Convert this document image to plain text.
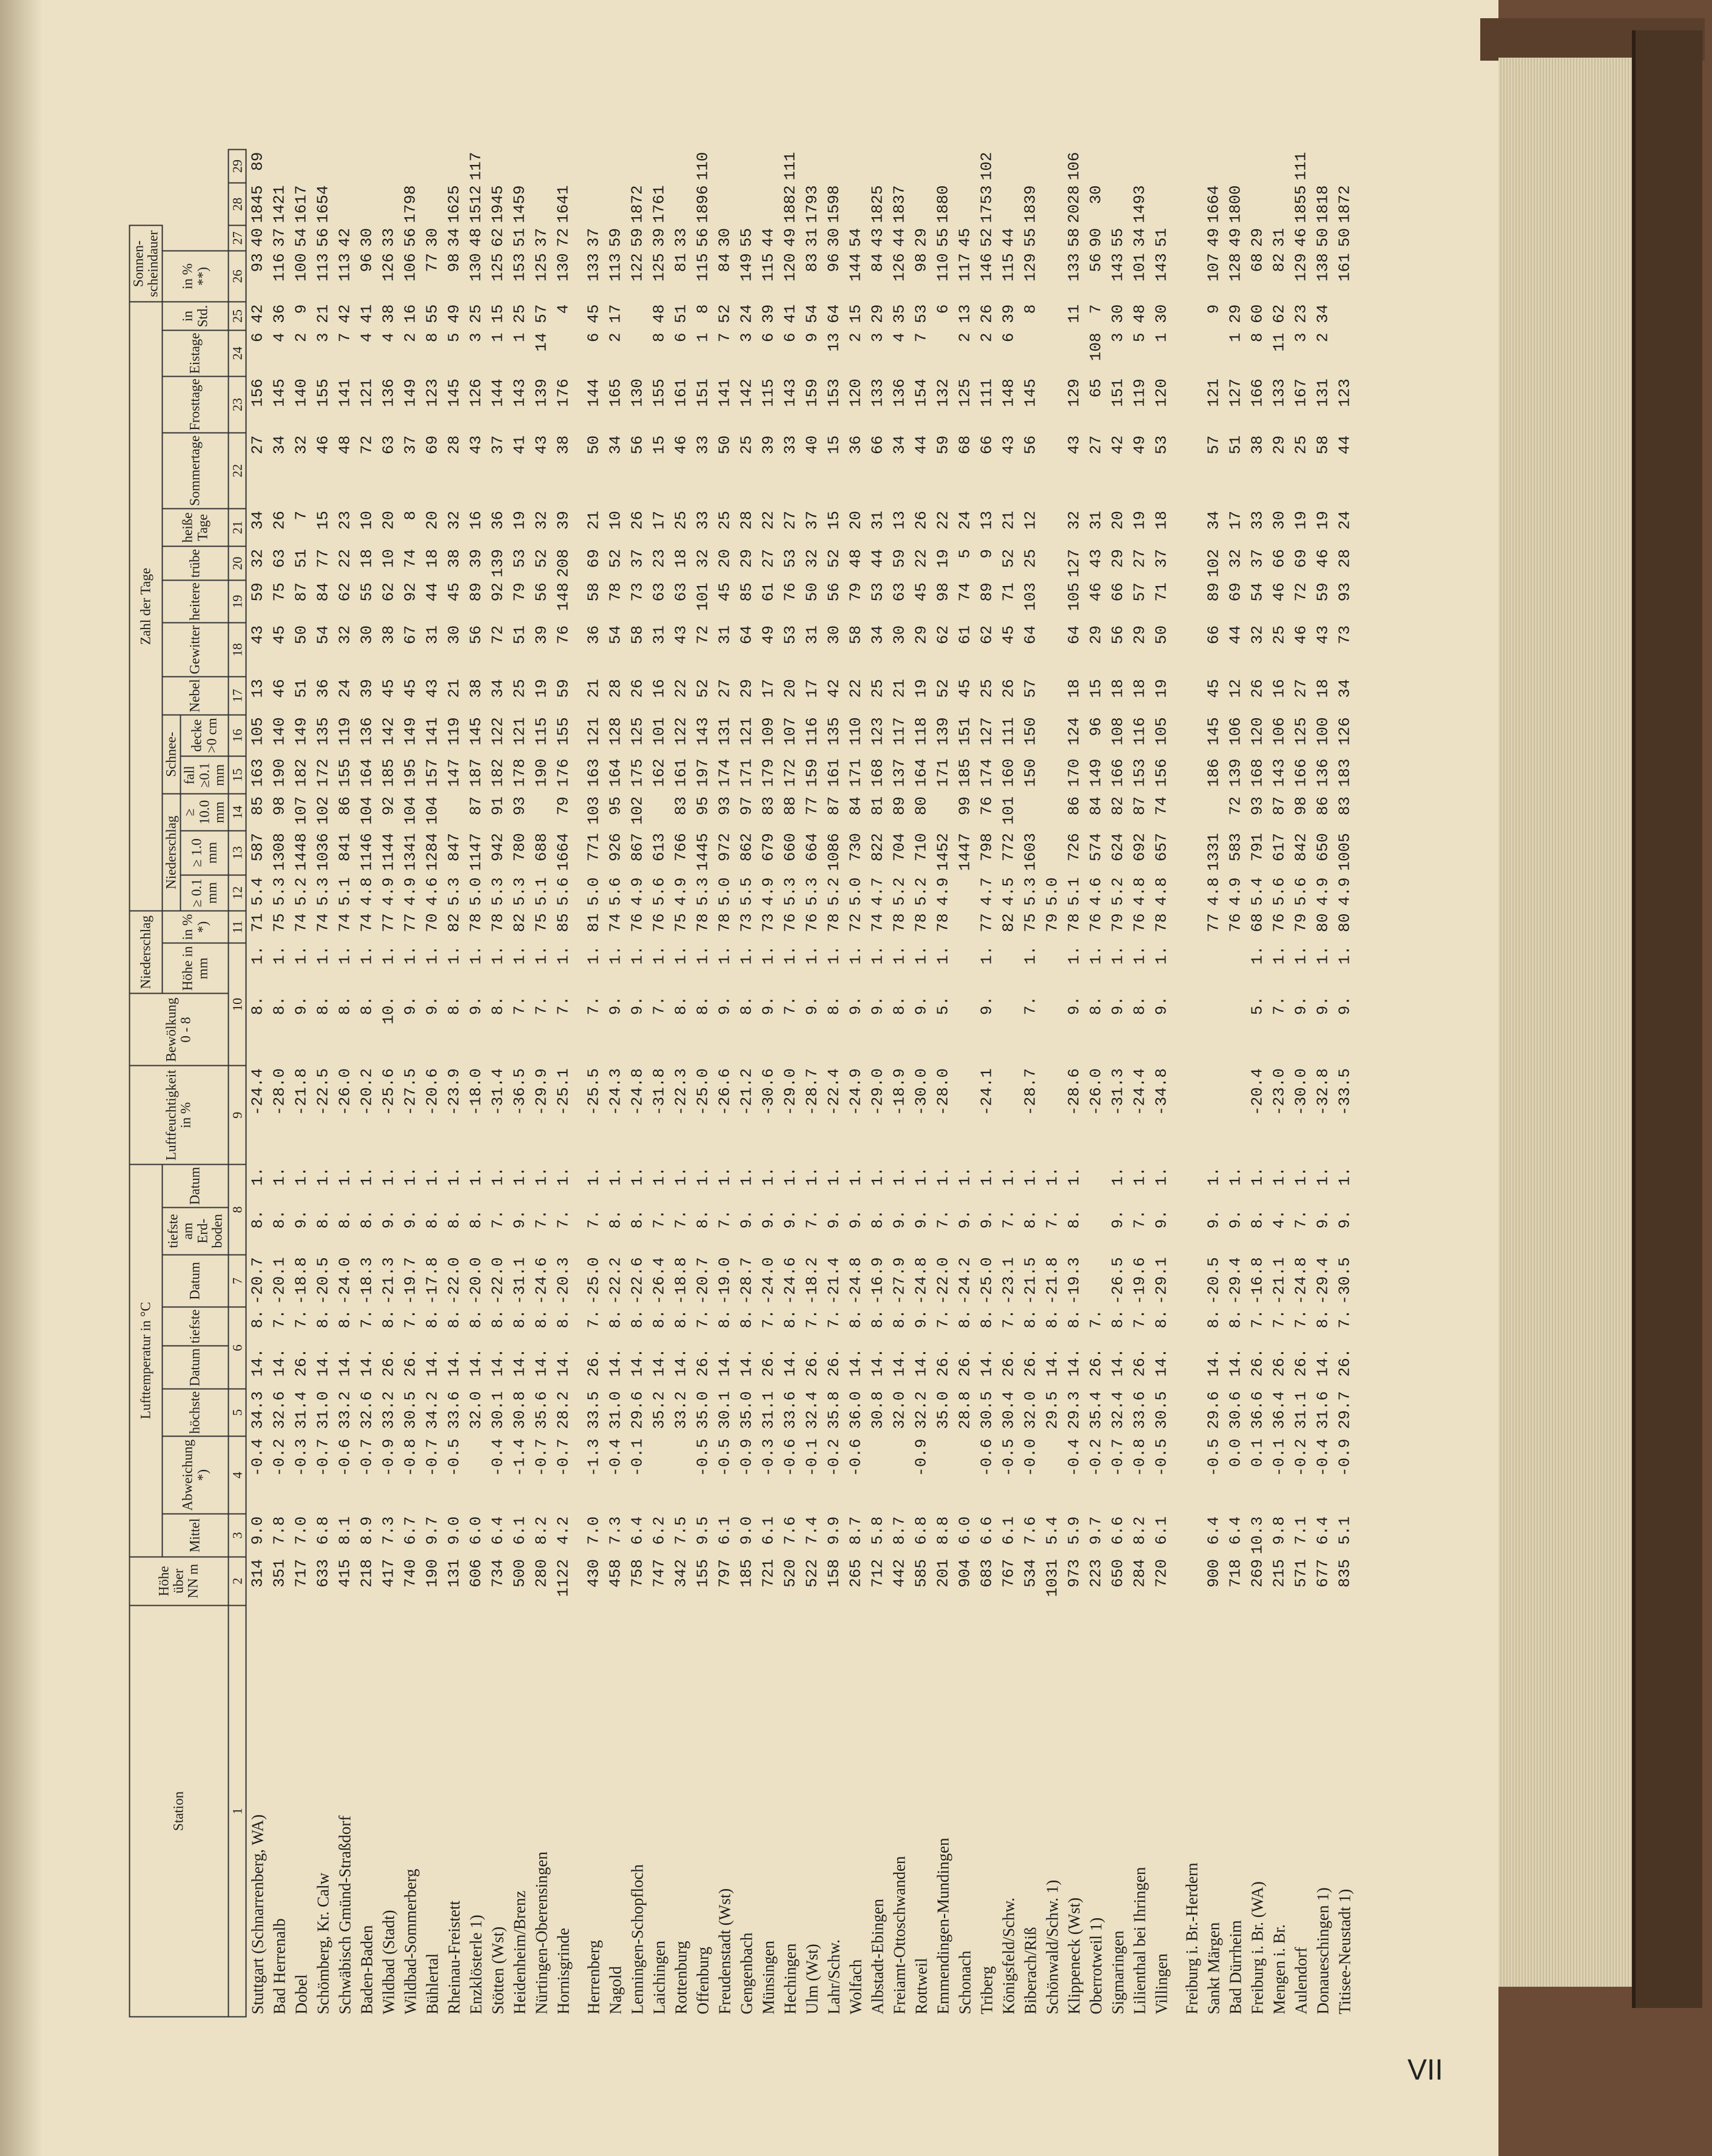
Station	Höhe über NN m	Lufttemperatur in °C								Luftfeuchtigkeit in %	Bewölkung 0 - 8	Niederschlag		Zahl der Tage														Sonnen-scheindauer			
		Mittel	Abweichung *)	höchste	Datum	tiefste	Datum	tiefste am Erd-boden	Datum			Höhe in mm	in % *)	Niederschlag			Schnee-		Nebel	Gewitter	heitere	trübe	heiße Tage	Sommertage	Frosttage	Eistage	in Std.	in % **)			
														≥ 0.1 mm	≥ 1.0 mm	≥ 10.0 mm	fall ≥0.1 mm	decke >0 cm													
1	2	3	4	5	6		7	8		9	10		11	12	13	14	15	16	17	18	19	20	21	22	23	24	25	26	27	28	29
Stuttgart (Schnarrenberg, WA)	314	9.0	-0.4	34.3	14.	8.	-20.7	8.	1.	-24.4	8.	1.	71	5.4	587	85	163	105	13	43	59	32	34	27	156	6	42	93	40	1845	89
Bad Herrenalb	351	7.8	-0.2	32.6	14.	7.	-20.1	8.	1.	-28.0	8.	1.	75	5.3	1308	98	190	140	46	45	75	63	26	34	145	4	36	116	37	1421	
Dobel	717	7.0	-0.3	31.4	26.	7.	-18.8	9.	1.	-21.8	9.	1.	74	5.2	1448	107	182	149	51	50	87	51	7	32	140	2	9	100	54	1617	
Schömberg, Kr. Calw	633	6.8	-0.7	31.0	14.	8.	-20.5	8.	1.	-22.5	8.	1.	74	5.3	1036	102	172	135	36	54	84	77	15	46	155	3	21	113	56	1654	
Schwäbisch Gmünd-Straßdorf	415	8.1	-0.6	33.2	14.	8.	-24.0	8.	1.	-26.0	8.	1.	74	5.1	841	86	155	119	24	32	62	22	23	48	141	7	42	113	42		
Baden-Baden	218	8.9	-0.7	32.6	14.	7.	-18.3	8.	1.	-20.2	8.	1.	74	4.8	1146	104	164	136	39	30	55	18	10	72	121	4	41	96	30		
Wildbad (Stadt)	417	7.3	-0.9	33.2	26.	8.	-21.3	9.	1.	-25.6	10.	1.	77	4.9	1144	92	185	142	45	38	62	10	20	63	136	4	38	126	33		
Wildbad-Sommerberg	740	6.7	-0.8	30.5	26.	7.	-19.7	9.	1.	-27.5	9.	1.	77	4.9	1341	104	195	149	45	67	92	74	8	37	149	2	16	106	56	1798	
Bühlertal	190	9.7	-0.7	34.2	14.	8.	-17.8	8.	1.	-20.6	9.	1.	70	4.6	1284	104	157	141	43	31	44	18	20	69	123	8	55	77	30		
Rheinau-Freistett	131	9.0	-0.5	33.6	14.	8.	-22.0	8.	1.	-23.9	8.	1.	82	5.3	847		147	119	21	30	45	38	32	28	145	5	49	98	34	1625	
Enzklösterle 1)	606	6.0		32.0	14.	8.	-20.0	8.	1.	-18.0	9.	1.	78	5.0	1147	87	187	145	38	56	89	39	16	43	126	3	25	130	48	1512	117
Stötten (Wst)	734	6.4	-0.4	30.1	14.	8.	-22.0	7.	1.	-31.4	8.	1.	78	5.3	942	91	182	122	34	72	92	139	36	37	144	1	15	125	62	1945	
Heidenheim/Brenz	500	6.1	-1.4	30.8	14.	8.	-31.1	9.	1.	-36.5	7.	1.	82	5.3	780	93	178	121	25	51	79	53	19	41	143	1	25	153	51	1459	
Nürtingen-Oberensingen	280	8.2	-0.7	35.6	14.	8.	-24.6	7.	1.	-29.9	7.	1.	75	5.1	688		190	115	19	39	56	52	32	43	139	14	57	125	37		
Hornisgrinde	1122	4.2	-0.7	28.2	14.	8.	-20.3	7.	1.	-25.1	7.	1.	85	5.6	1664	79	176	155	59	76	148	208	39	38	176		4	130	72	1641	

Herrenberg	430	7.0	-1.3	33.5	26.	7.	-25.0	7.	1.	-25.5	7.	1.	81	5.0	771	103	163	121	21	36	58	69	21	50	144	6	45	133	37		
Nagold	458	7.3	-0.4	31.0	14.	8.	-22.2	8.	1.	-24.3	9.	1.	74	5.6	926	95	164	128	28	54	78	52	10	34	165	2	17	113	59		
Lenningen-Schopfloch	758	6.4	-0.1	29.6	14.	8.	-22.6	8.	1.	-24.8	9.	1.	76	4.9	867	102	175	125	26	58	73	37	26	56	130			122	59	1872	
Laichingen	747	6.2		35.2	14.	8.	-26.4	7.	1.	-31.8	7.	1.	76	5.6	613		162	101	16	31	63	23	17	15	155	8	48	125	39	1761	
Rottenburg	342	7.5		33.2	14.	8.	-18.8	7.	1.	-22.3	8.	1.	75	4.9	766	83	161	122	22	43	63	18	25	46	161	6	51	81	33		
Offenburg	155	9.5	-0.5	35.0	26.	7.	-20.7	8.	1.	-25.0	8.	1.	78	5.3	1445	95	197	143	52	72	101	32	33	33	151	1	8	115	56	1896	110
Freudenstadt (Wst)	797	6.1	-0.5	30.1	14.	8.	-19.0	7.	1.	-26.6	9.	1.	78	5.0	972	93	174	131	27	31	45	20	25	50	141	7	52	84	30		
Gengenbach	185	9.0	-0.9	35.0	14.	8.	-28.7	9.	1.	-21.2	8.	1.	73	5.5	862	97	171	121	29	64	85	29	28	25	142	3	24	149	55		
Münsingen	721	6.1	-0.3	31.1	26.	7.	-24.0	9.	1.	-30.6	9.	1.	73	4.9	679	83	179	109	17	49	61	27	22	39	115	6	39	115	44		
Hechingen	520	7.6	-0.6	33.6	14.	8.	-24.6	9.	1.	-29.0	7.	1.	76	5.3	660	88	172	107	20	53	76	53	27	33	143	6	41	120	49	1882	111
Ulm (Wst)	522	7.4	-0.1	32.4	26.	7.	-18.2	7.	1.	-28.7	9.	1.	76	5.3	664	77	159	116	17	31	50	32	37	40	159	9	54	83	31	1793	
Lahr/Schw.	158	9.9	-0.2	35.8	26.	7.	-21.4	9.	1.	-22.4	8.	1.	78	5.2	1086	87	161	135	42	30	56	52	15	15	153	13	64	96	30	1598	
Wolfach	265	8.7	-0.6	36.0	14.	8.	-24.8	9.	1.	-24.9	9.	1.	72	5.0	730	84	171	110	22	58	79	48	20	36	120	2	15	144	54		
Albstadt-Ebingen	712	5.8		30.8	14.	8.	-16.9	8.	1.	-29.0	9.	1.	74	4.7	822	81	168	123	25	34	53	44	31	66	133	3	29	84	43	1825	
Freiamt-Ottoschwanden	442	8.7		32.0	14.	8.	-27.9	9.	1.	-18.9	8.	1.	78	5.2	704	89	137	117	21	30	63	59	13	34	136	4	35	126	44	1837	
Rottweil	585	6.8	-0.9	32.2	14.	9.	-24.8	9.	1.	-30.0	9.	1.	78	5.2	710	80	164	118	19	29	45	22	26	44	154	7	53	98	29		
Emmendingen-Mundingen	201	8.8		35.0	26.	7.	-22.0	7.	1.	-28.0	5.	1.	78	4.9	1452		171	139	52	62	98	19	22	59	132		6	110	55	1880	
Schonach	904	6.0		28.8	26.	8.	-24.2	9.	1.						1447	99	185	151	45	61	74	5	24	68	125	2	13	117	45		
Triberg	683	6.6	-0.6	30.5	14.	8.	-25.0	9.	1.	-24.1	9.	1.	77	4.7	798	76	174	127	25	62	89	9	13	66	111	2	26	146	52	1753	102
Königsfeld/Schw.	767	6.1	-0.5	30.4	26.	7.	-23.1	7.	1.				82	4.5	772	101	160	111	26	45	71	52	21	43	148	6	39	115	44		
Biberach/Riß	534	7.6	-0.0	32.0	26.	8.	-21.5	8.	1.	-28.7	7.	1.	75	5.3	1603		150	150	57	64	103	25	12	56	145		8	129	55	1839	
Schönwald/Schw. 1)	1031	5.4		29.5	14.	8.	-21.8	7.	1.				79	5.0																	
Klippeneck (Wst)	973	5.9	-0.4	29.3	14.	8.	-19.3	8.	1.	-28.6	9.	1.	78	5.1	726	86	170	124	18	64	105	127	32	43	129		11	133	58	2028	106
Oberrotweil 1)	223	9.7	-0.2	35.4	26.	7.				-26.0	8.	1.	76	4.6	574	84	149	96	15	29	46	43	31	27	65	108	7	56	90	30	
Sigmaringen	650	6.6	-0.7	32.4	14.	8.	-26.5	9.	1.	-31.3	9.	1.	79	5.2	624	82	166	108	18	56	66	29	20	42	151	3	30	143	55		
Lilienthal bei Ihringen	284	8.2	-0.8	33.6	26.	7.	-19.6	7.	1.	-24.4	8.	1.	76	4.8	692	87	153	116	18	29	57	27	19	49	119	5	48	101	34	1493	
Villingen	720	6.1	-0.5	30.5	14.	8.	-29.1	9.	1.	-34.8	9.	1.	78	4.8	657	74	156	105	19	50	71	37	18	53	120	1	30	143	51		

Freiburg i. Br.-Herdern																															
Sankt Märgen	900	6.4	-0.5	29.6	14.	8.	-20.5	9.	1.				77	4.8	1331		186	145	45	66	89	102	34	57	121		9	107	49	1664	
Bad Dürrheim	718	6.4	0.0	30.6	14.	8.	-29.4	9.	1.				76	4.9	583	72	139	106	12	44	69	32	17	51	127	1	29	128	49	1800	
Freiburg i. Br. (WA)	269	10.3	0.1	36.6	26.	7.	-16.8	8.	1.	-20.4	5.	1.	68	5.4	791	93	168	120	26	32	54	37	33	38	166	8	60	68	29		
Mengen i. Br.	215	9.8	-0.1	36.4	26.	7.	-21.1	4.	1.	-23.0	7.	1.	76	5.6	617	87	143	106	16	25	46	66	30	29	133	11	62	82	31		
Aulendorf	571	7.1	-0.2	31.1	26.	7.	-24.8	7.	1.	-30.0	9.	1.	79	5.6	842	98	166	125	27	46	72	69	19	25	167	3	23	129	46	1855	111
Donaueschingen 1)	677	6.4	-0.4	31.6	14.	8.	-29.4	9.	1.	-32.8	9.	1.	80	4.9	650	86	136	100	18	43	59	46	19	58	131	2	34	138	50	1818	
Titisee-Neustadt 1)	835	5.1	-0.9	29.7	26.	7.	-30.5	9.	1.	-33.5	9.	1.	80	4.9	1005	83	183	126	34	73	93	28	24	44	123			161	50	1872	
VII
